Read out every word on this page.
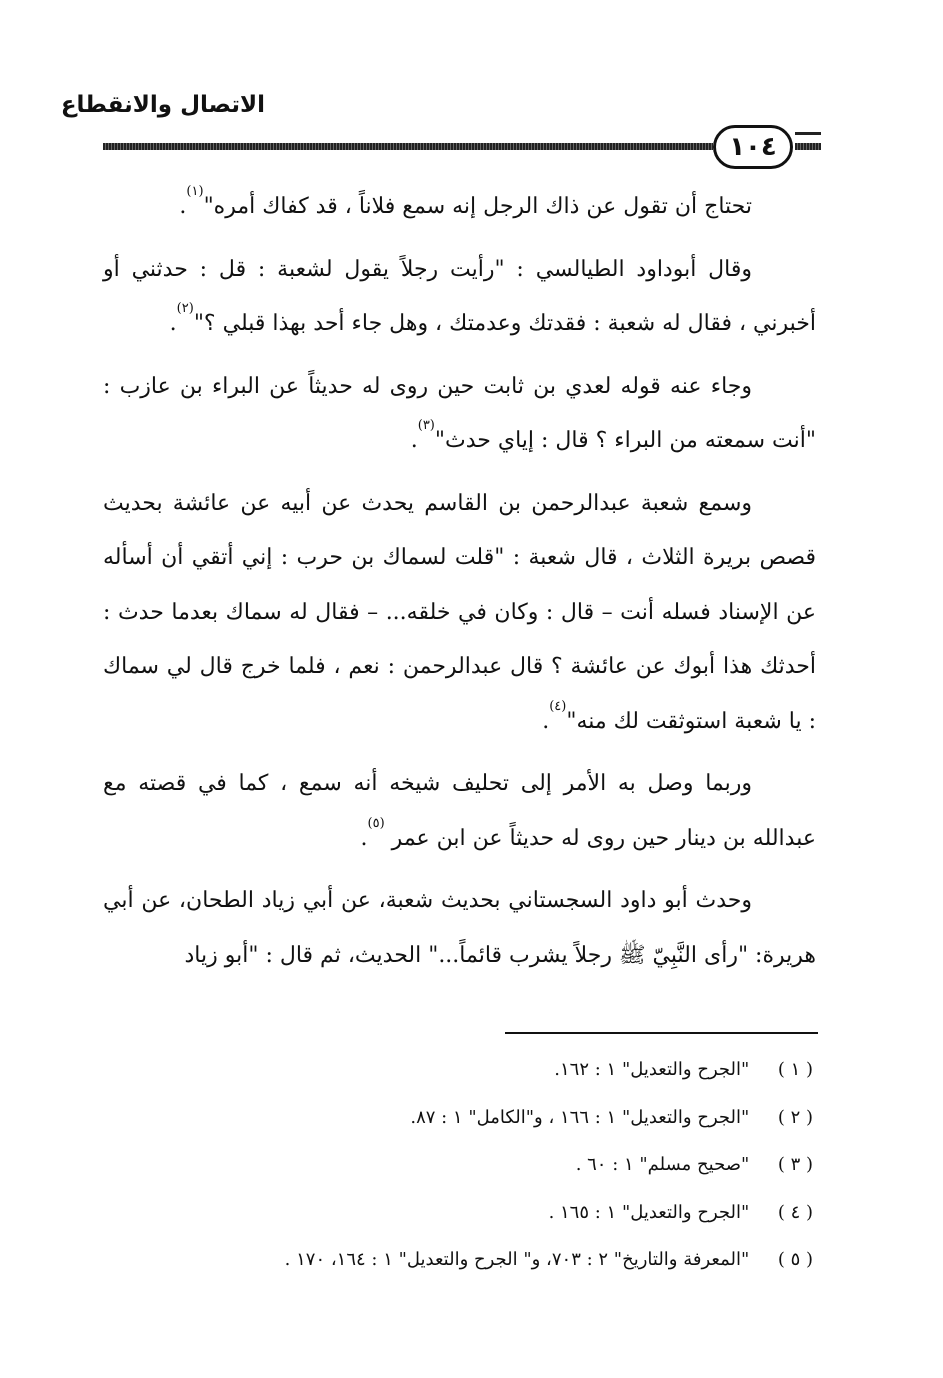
الاتصال والانقطاع
١٠٤

تحتاج أن تقول عن ذاك الرجل إنه سمع فلاناً ، قد كفاك أمره"$^{(١)}$.

وقال أبوداود الطيالسي : "رأيت رجلاً يقول لشعبة : قل : حدثني أو أخبرني ، فقال له شعبة : فقدتك وعدمتك ، وهل جاء أحد بهذا قبلي ؟"$^{(٢)}$.

وجاء عنه قوله لعدي بن ثابت حين روى له حديثاً عن البراء بن عازب : "أنت سمعته من البراء ؟ قال : إياي حدث"$^{(٣)}$.

وسمع شعبة عبدالرحمن بن القاسم يحدث عن أبيه عن عائشة بحديث قصص بريرة الثلاث ، قال شعبة : "قلت لسماك بن حرب : إني أتقي أن أسأله عن الإسناد فسله أنت – قال : وكان في خلقه... – فقال له سماك بعدما حدث : أحدثك هذا أبوك عن عائشة ؟ قال عبدالرحمن : نعم ، فلما خرج قال لي سماك : يا شعبة استوثقت لك منه"$^{(٤)}$.

وربما وصل به الأمر إلى تحليف شيخه أنه سمع ، كما في قصته مع عبدالله بن دينار حين روى له حديثاً عن ابن عمر $^{(٥)}$.

وحدث أبو داود السجستاني بحديث شعبة، عن أبي زياد الطحان، عن أبي هريرة: "رأى النَّبِيّ ﷺ رجلاً يشرب قائماً..." الحديث، ثم قال : "أبو زياد

( ١ ) "الجرح والتعديل" ١ : ١٦٢.
( ٢ ) "الجرح والتعديل" ١ : ١٦٦ ، و"الكامل" ١ : ٨٧.
( ٣ ) "صحيح مسلم" ١ : ٦٠ .
( ٤ ) "الجرح والتعديل" ١ : ١٦٥ .
( ٥ ) "المعرفة والتاريخ" ٢ : ٧٠٣، و" الجرح والتعديل" ١ : ١٦٤، ١٧٠ .
